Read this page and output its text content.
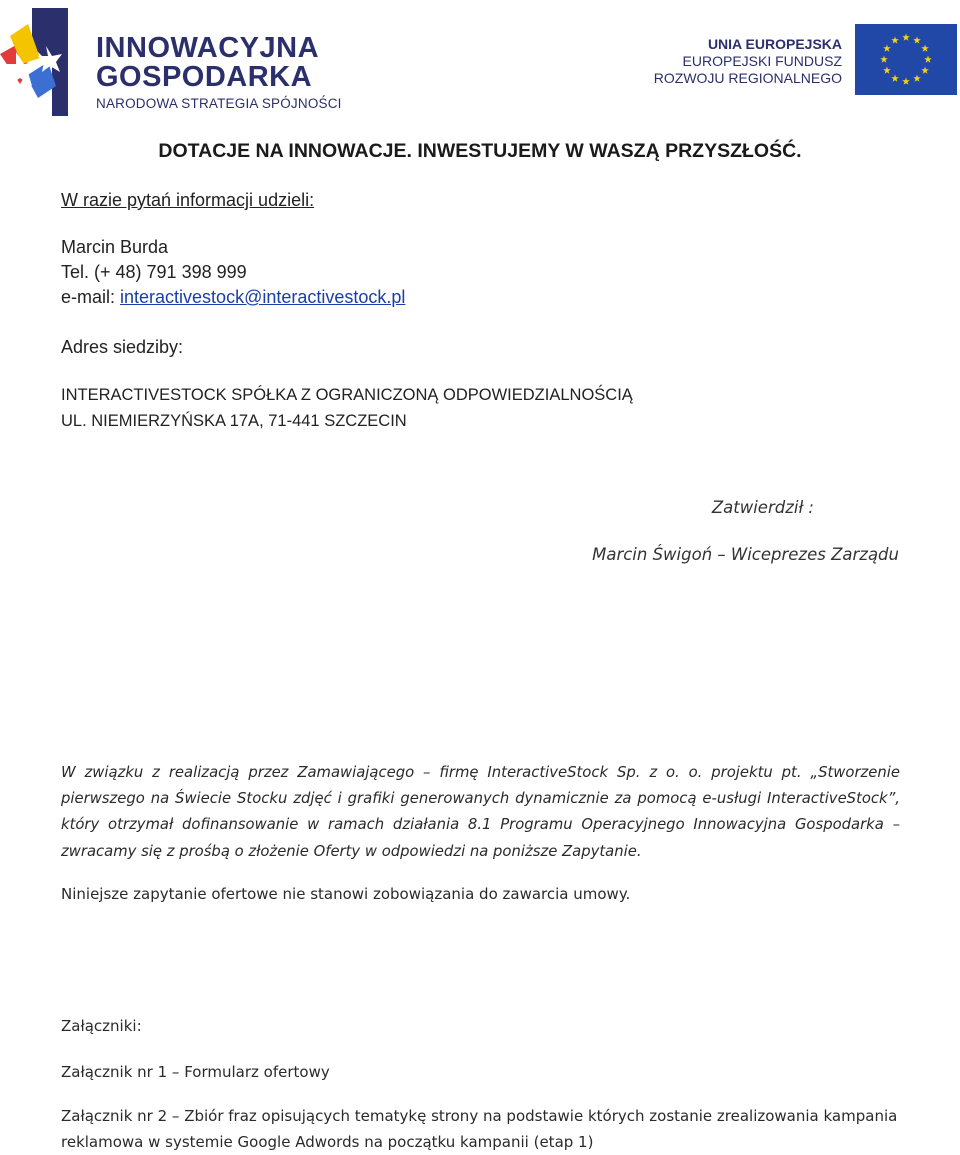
INNOWACYJNA
GOSPODARKA
NARODOWA STRATEGIA SPÓJNOŚCI
UNIA EUROPEJSKA
EUROPEJSKI FUNDUSZ
ROZWOJU REGIONALNEGO
DOTACJE NA INNOWACJE. INWESTUJEMY W WASZĄ PRZYSZŁOŚĆ.
W razie pytań informacji udzieli:
Marcin Burda
Tel. (+ 48) 791 398 999
e-mail: interactivestock@interactivestock.pl
Adres siedziby:
INTERACTIVESTOCK SPÓŁKA Z OGRANICZONĄ ODPOWIEDZIALNOŚCIĄ
UL. NIEMIERZYŃSKA 17A, 71-441 SZCZECIN
Zatwierdził :
Marcin Świgoń – Wiceprezes Zarządu
W związku z realizacją przez Zamawiającego – firmę InteractiveStock Sp. z o. o. projektu pt. „Stworzenie
pierwszego na Świecie Stocku zdjęć i grafiki generowanych dynamicznie za pomocą e-usługi InteractiveStock”,
który otrzymał dofinansowanie w ramach działania 8.1 Programu Operacyjnego Innowacyjna Gospodarka –
zwracamy się z prośbą o złożenie Oferty w odpowiedzi na poniższe Zapytanie.
Niniejsze zapytanie ofertowe nie stanowi zobowiązania do zawarcia umowy.
Załączniki:
Załącznik nr 1 – Formularz ofertowy
Załącznik nr 2 – Zbiór fraz opisujących tematykę strony na podstawie których zostanie zrealizowania kampania
reklamowa w systemie Google Adwords na początku kampanii (etap 1)
